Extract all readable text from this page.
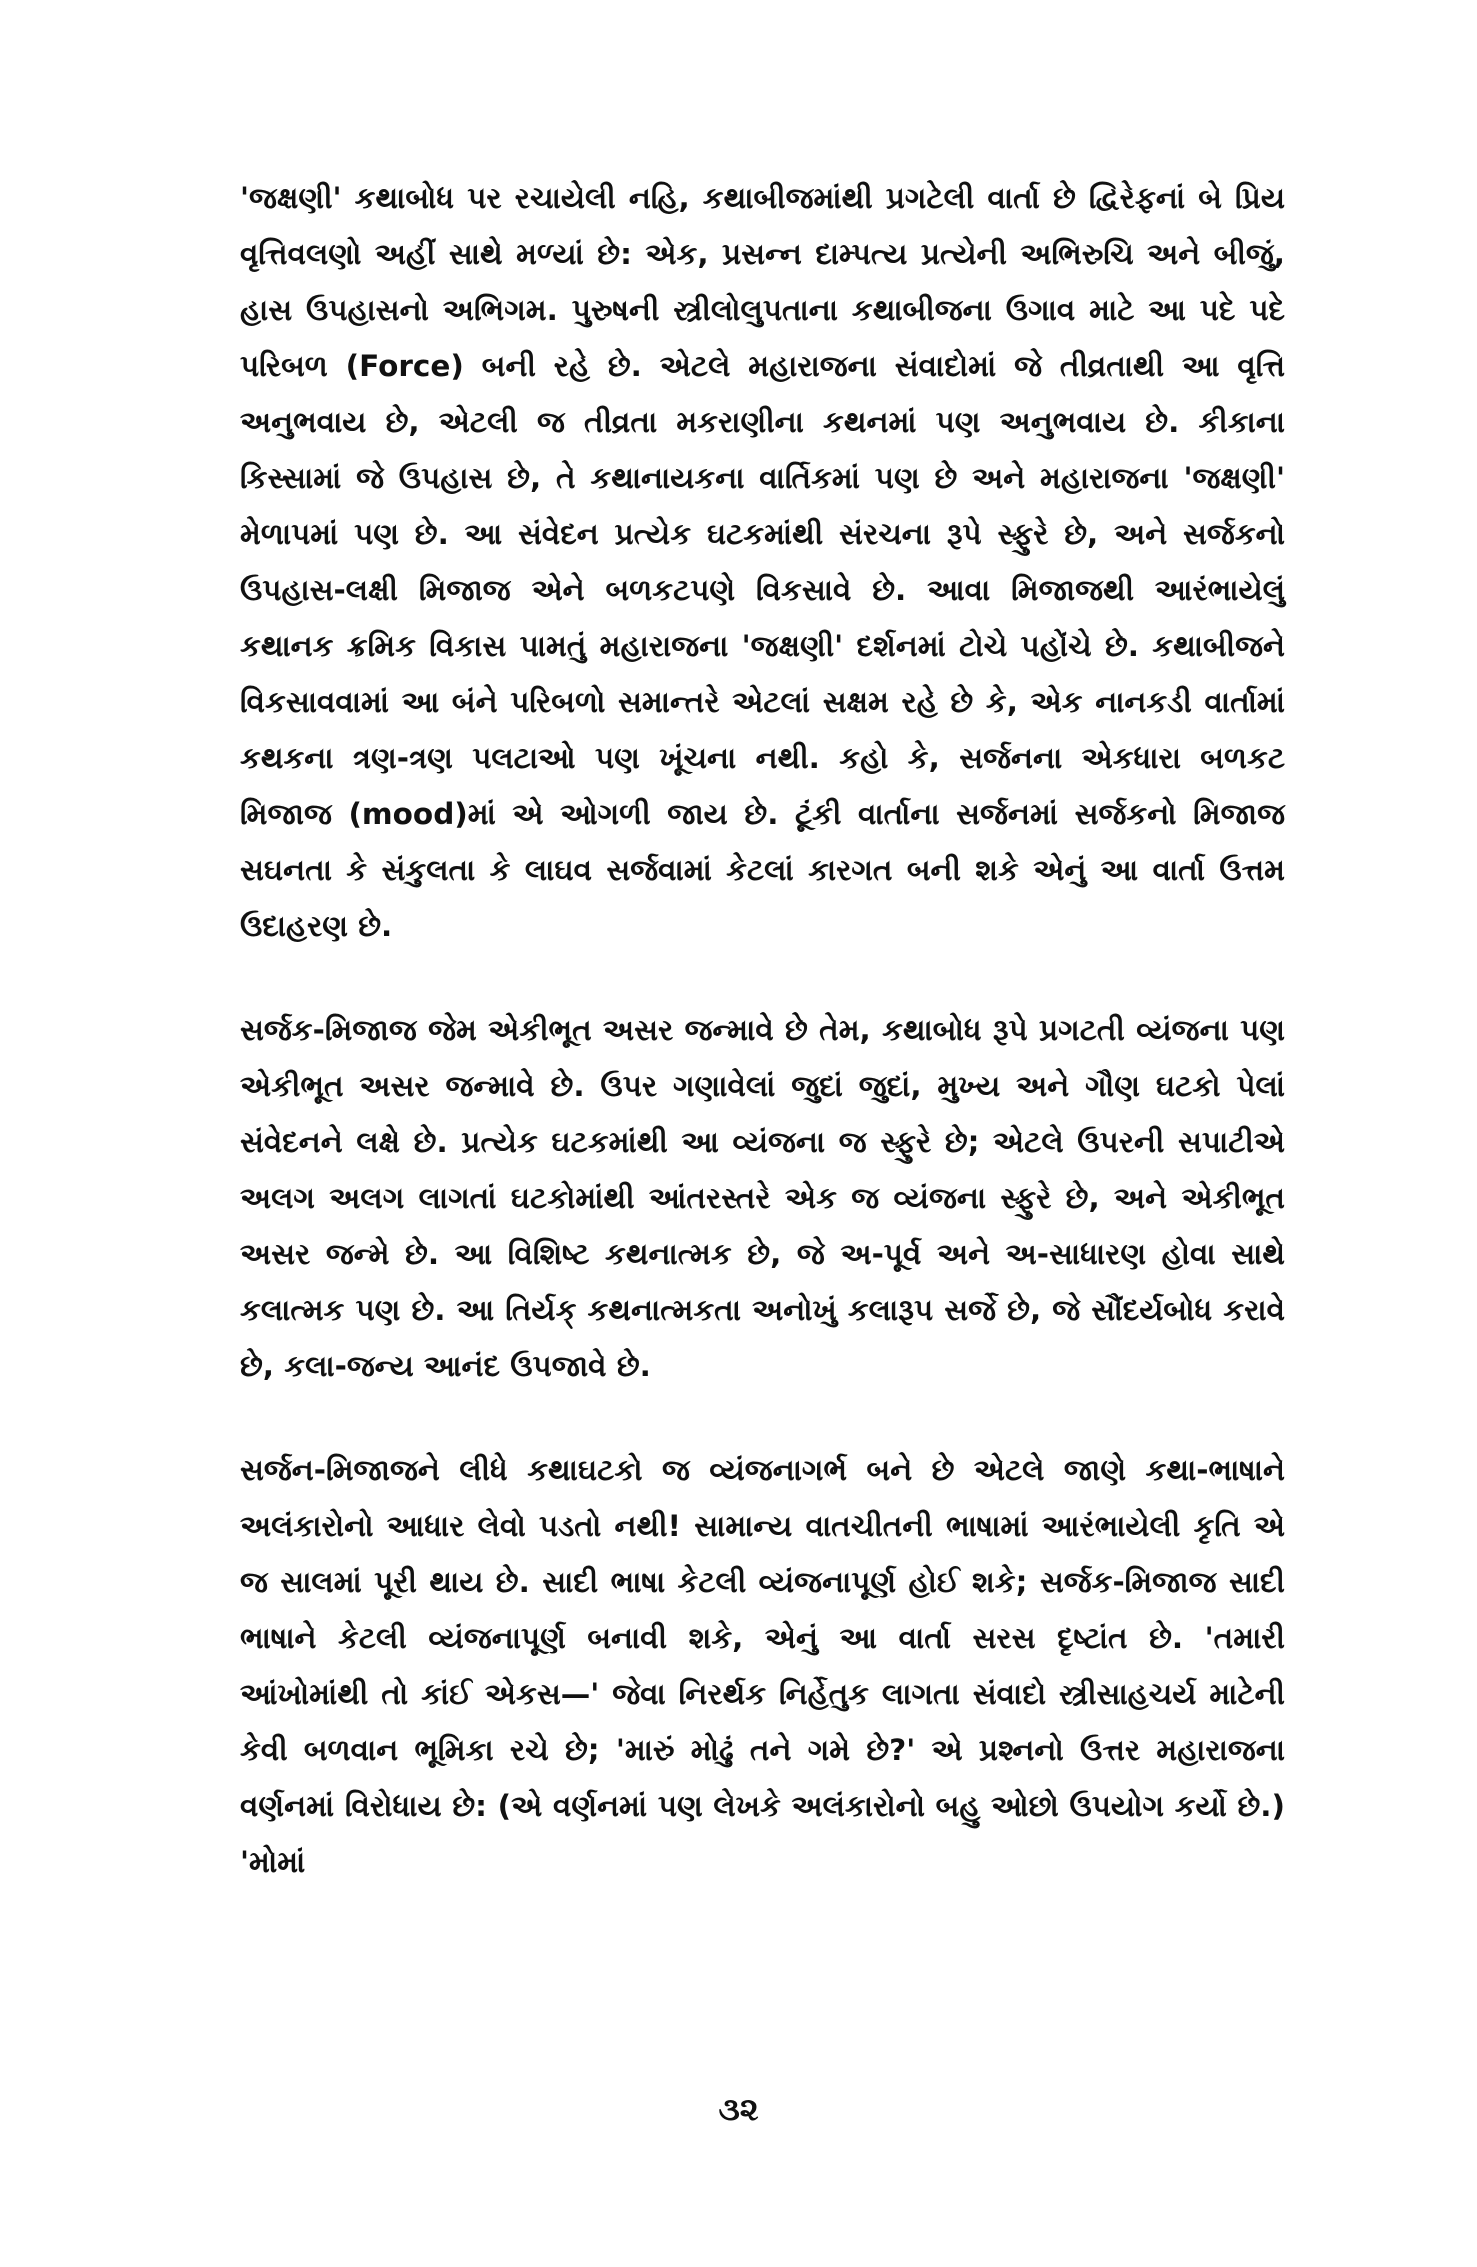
'જક્ષણી' કથાબોધ પર રચાયેલી નહિ, કથાબીજમાંથી પ્રગટેલી વાર્તા છે દ્વિરેફનાં બે પ્રિય વૃત્તિવલણો અહીં સાથે મળ્યાં છે: એક, પ્રસન્ન દામ્પત્ય પ્રત્યેની અભિરુચિ અને બીજું, હાસ ઉપહાસનો અભિગમ. પુરુષની સ્ત્રીલોલુપતાના કથાબીજના ઉગાવ માટે આ પદે પદે પરિબળ (Force) બની રહે છે. એટલે મહારાજના સંવાદોમાં જે તીવ્રતાથી આ વૃત્તિ અનુભવાય છે, એટલી જ તીવ્રતા મકરાણીના કથનમાં પણ અનુભવાય છે. કીકાના કિસ્સામાં જે ઉપહાસ છે, તે કથાનાયકના વાર્તિકમાં પણ છે અને મહારાજના 'જક્ષણી' મેળાપમાં પણ છે. આ સંવેદન પ્રત્યેક ઘટકમાંથી સંરચના રૂપે સ્ફુરે છે, અને સર્જકનો ઉપહાસ-લક્ષી મિજાજ એને બળકટપણે વિકસાવે છે. આવા મિજાજથી આરંભાયેલું કથાનક ક્રમિક વિકાસ પામતું મહારાજના 'જક્ષણી' દર્શનમાં ટોચે પહોંચે છે. કથાબીજને વિકસાવવામાં આ બંને પરિબળો સમાન્તરે એટલાં સક્ષમ રહે છે કે, એક નાનકડી વાર્તામાં કથકના ત્રણ-ત્રણ પલટાઓ પણ ખૂંચના નથી. કહો કે, સર્જનના એકધારા બળકટ મિજાજ (mood)માં એ ઓગળી જાય છે. ટૂંકી વાર્તાના સર્જનમાં સર્જકનો મિજાજ સઘનતા કે સંકુલતા કે લાઘવ સર્જવામાં કેટલાં કારગત બની શકે એનું આ વાર્તા ઉત્તમ ઉદાહરણ છે.

સર્જક-મિજાજ જેમ એકીભૂત અસર જન્માવે છે તેમ, કથાબોધ રૂપે પ્રગટતી વ્યંજના પણ એકીભૂત અસર જન્માવે છે. ઉપર ગણાવેલાં જુદાં જુદાં, મુખ્ય અને ગૌણ ઘટકો પેલાં સંવેદનને લક્ષે છે. પ્રત્યેક ઘટકમાંથી આ વ્યંજના જ સ્ફુરે છે; એટલે ઉપરની સપાટીએ અલગ અલગ લાગતાં ઘટકોમાંથી આંતરસ્તરે એક જ વ્યંજના સ્ફુરે છે, અને એકીભૂત અસર જન્મે છે. આ વિશિષ્ટ કથનાત્મક છે, જે અ-પૂર્વ અને અ-સાધારણ હોવા સાથે કલાત્મક પણ છે. આ તિર્યક્ કથનાત્મકતા અનોખું કલારૂપ સર્જે છે, જે સૌંદર્યબોધ કરાવે છે, કલા-જન્ય આનંદ ઉપજાવે છે.

સર્જન-મિજાજને લીધે કથાઘટકો જ વ્યંજનાગર્ભ બને છે એટલે જાણે કથા-ભાષાને અલંકારોનો આધાર લેવો પડતો નથી! સામાન્ય વાતચીતની ભાષામાં આરંભાયેલી કૃતિ એ જ સાલમાં પૂરી થાય છે. સાદી ભાષા કેટલી વ્યંજનાપૂર્ણ હોઈ શકે; સર્જક-મિજાજ સાદી ભાષાને કેટલી વ્યંજનાપૂર્ણ બનાવી શકે, એનું આ વાર્તા સરસ દૃષ્ટાંત છે. 'તમારી આંખોમાંથી તો કાંઈ એકસ—' જેવા નિરર્થક નિર્હેતુક લાગતા સંવાદો સ્ત્રીસાહચર્ય માટેની કેવી બળવાન ભૂમિકા રચે છે; 'મારું મોઢું તને ગમે છે?' એ પ્રશ્નનો ઉત્તર મહારાજના વર્ણનમાં વિરોધાય છે: (એ વર્ણનમાં પણ લેખકે અલંકારોનો બહુ ઓછો ઉપયોગ કર્યો છે.) 'મોમાં

૩૨
